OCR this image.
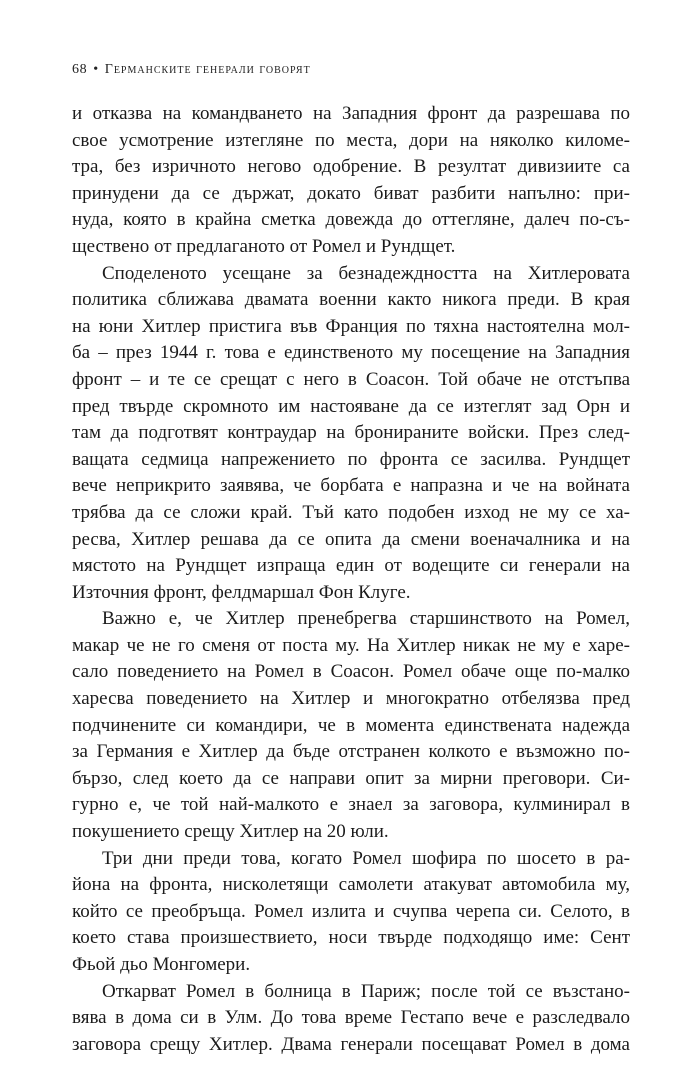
68 • Германските генерали говорят
и отказва на командването на Западния фронт да разрешава по
свое усмотрение изтегляне по места, дори на няколко киломе-
тра, без изричното негово одобрение. В резултат дивизиите са
принудени да се държат, докато биват разбити напълно: при-
нуда, която в крайна сметка довежда до оттегляне, далеч по-съ-
ществено от предлаганото от Ромел и Рундщет.
Споделеното усещане за безнадеждността на Хитлеровата
политика сближава двамата военни както никога преди. В края
на юни Хитлер пристига във Франция по тяхна настоятелна мол-
ба – през 1944 г. това е единственото му посещение на Западния
фронт – и те се срещат с него в Соасон. Той обаче не отстъпва
пред твърде скромното им настояване да се изтеглят зад Орн и
там да подготвят контраудар на бронираните войски. През след-
ващата седмица напрежението по фронта се засилва. Рундщет
вече неприкрито заявява, че борбата е напразна и че на войната
трябва да се сложи край. Тъй като подобен изход не му се ха-
ресва, Хитлер решава да се опита да смени военачалника и на
мястото на Рундщет изпраща един от водещите си генерали на
Източния фронт, фелдмаршал Фон Клуге.
Важно е, че Хитлер пренебрегва старшинството на Ромел,
макар че не го сменя от поста му. На Хитлер никак не му е харе-
сало поведението на Ромел в Соасон. Ромел обаче още по-малко
харесва поведението на Хитлер и многократно отбелязва пред
подчинените си командири, че в момента единствената надежда
за Германия е Хитлер да бъде отстранен колкото е възможно по-
бързо, след което да се направи опит за мирни преговори. Си-
гурно е, че той най-малкото е знаел за заговора, кулминирал в
покушението срещу Хитлер на 20 юли.
Три дни преди това, когато Ромел шофира по шосето в ра-
йона на фронта, нисколетящи самолети атакуват автомобила му,
който се преобръща. Ромел излита и счупва черепа си. Селото, в
което става произшествието, носи твърде подходящо име: Сент
Фьой дьо Монгомери.
Откарват Ромел в болница в Париж; после той се възстано-
вява в дома си в Улм. До това време Гестапо вече е разследвало
заговора срещу Хитлер. Двама генерали посещават Ромел в дома
